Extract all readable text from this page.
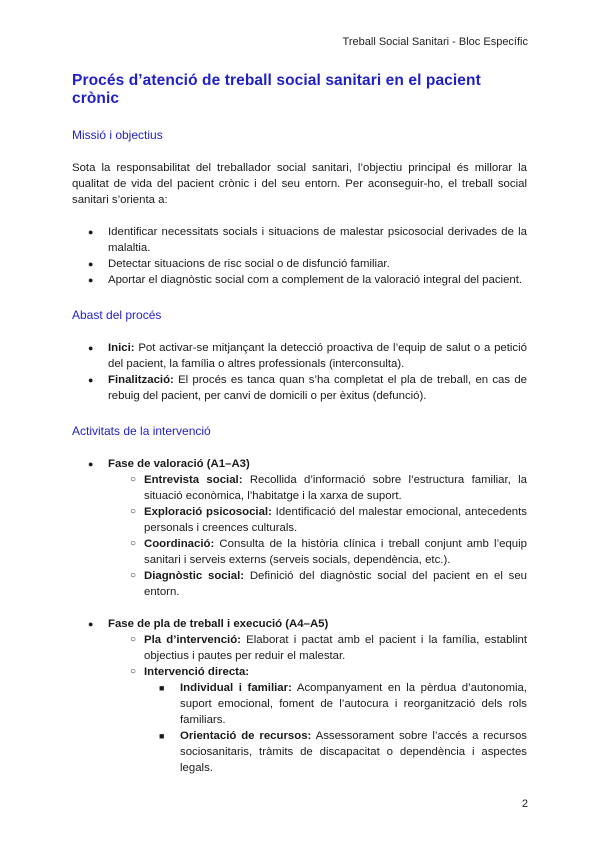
Treball Social Sanitari - Bloc Específic
Procés d’atenció de treball social sanitari en el pacient crònic
Missió i objectius

Sota la responsabilitat del treballador social sanitari, l’objectiu principal és millorar la qualitat de vida del pacient crònic i del seu entorn. Per aconseguir-ho, el treball social sanitari s’orienta a:

● Identificar necessitats socials i situacions de malestar psicosocial derivades de la malaltia.
● Detectar situacions de risc social o de disfunció familiar.
● Aportar el diagnòstic social com a complement de la valoració integral del pacient.
Abast del procés
● Inici: Pot activar-se mitjançant la detecció proactiva de l’equip de salut o a petició del pacient, la família o altres professionals (interconsulta).
● Finalització: El procés es tanca quan s’ha completat el pla de treball, en cas de rebuig del pacient, per canvi de domicili o per èxitus (defunció).
Activitats de la intervenció
● Fase de valoració (A1–A3)
○ Entrevista social: Recollida d’informació sobre l’estructura familiar, la situació econòmica, l’habitatge i la xarxa de suport.
○ Exploració psicosocial: Identificació del malestar emocional, antecedents personals i creences culturals.
○ Coordinació: Consulta de la història clínica i treball conjunt amb l’equip sanitari i serveis externs (serveis socials, dependència, etc.).
○ Diagnòstic social: Definició del diagnòstic social del pacient en el seu entorn.
● Fase de pla de treball i execució (A4–A5)
○ Pla d’intervenció: Elaborat i pactat amb el pacient i la família, establint objectius i pautes per reduir el malestar.
○ Intervenció directa:
■ Individual i familiar: Acompanyament en la pèrdua d’autonomia, suport emocional, foment de l’autocura i reorganització dels rols familiars.
■ Orientació de recursos: Assessorament sobre l’accés a recursos sociosanitaris, tràmits de discapacitat o dependència i aspectes legals.
2
